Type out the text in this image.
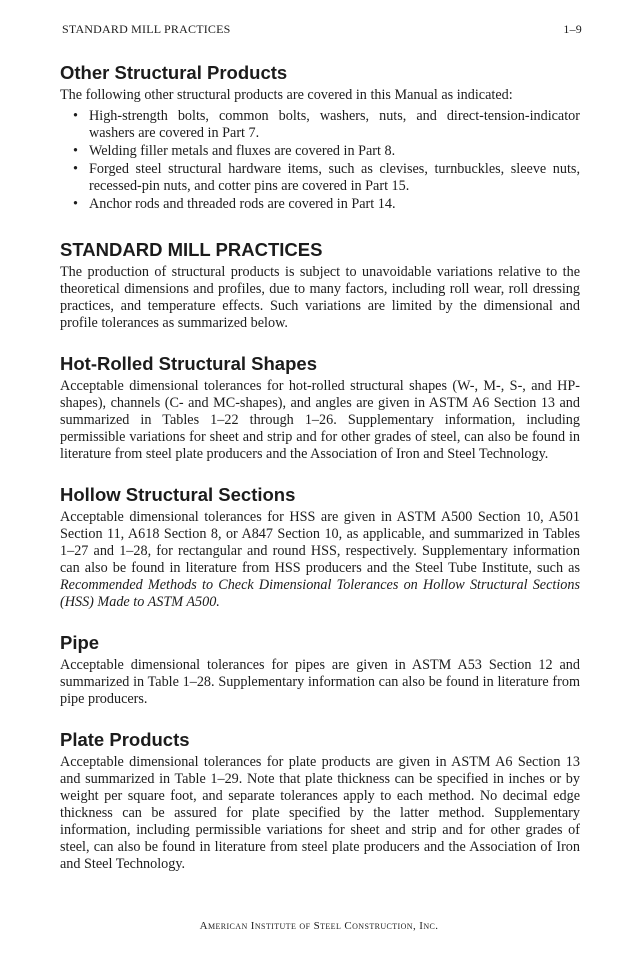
STANDARD MILL PRACTICES	1–9
Other Structural Products

The following other structural products are covered in this Manual as indicated:

• High-strength bolts, common bolts, washers, nuts, and direct-tension-indicator washers are covered in Part 7.
• Welding filler metals and fluxes are covered in Part 8.
• Forged steel structural hardware items, such as clevises, turnbuckles, sleeve nuts, recessed-pin nuts, and cotter pins are covered in Part 15.
• Anchor rods and threaded rods are covered in Part 14.
STANDARD MILL PRACTICES

The production of structural products is subject to unavoidable variations relative to the theoretical dimensions and profiles, due to many factors, including roll wear, roll dressing practices, and temperature effects. Such variations are limited by the dimensional and profile tolerances as summarized below.

Hot-Rolled Structural Shapes

Acceptable dimensional tolerances for hot-rolled structural shapes (W-, M-, S-, and HP-shapes), channels (C- and MC-shapes), and angles are given in ASTM A6 Section 13 and summarized in Tables 1–22 through 1–26. Supplementary information, including permissible variations for sheet and strip and for other grades of steel, can also be found in literature from steel plate producers and the Association of Iron and Steel Technology.

Hollow Structural Sections

Acceptable dimensional tolerances for HSS are given in ASTM A500 Section 10, A501 Section 11, A618 Section 8, or A847 Section 10, as applicable, and summarized in Tables 1–27 and 1–28, for rectangular and round HSS, respectively. Supplementary information can also be found in literature from HSS producers and the Steel Tube Institute, such as Recommended Methods to Check Dimensional Tolerances on Hollow Structural Sections (HSS) Made to ASTM A500.

Pipe

Acceptable dimensional tolerances for pipes are given in ASTM A53 Section 12 and summarized in Table 1–28. Supplementary information can also be found in literature from pipe producers.

Plate Products

Acceptable dimensional tolerances for plate products are given in ASTM A6 Section 13 and summarized in Table 1–29. Note that plate thickness can be specified in inches or by weight per square foot, and separate tolerances apply to each method. No decimal edge thickness can be assured for plate specified by the latter method. Supplementary information, including permissible variations for sheet and strip and for other grades of steel, can also be found in literature from steel plate producers and the Association of Iron and Steel Technology.

American Institute of Steel Construction, Inc.
